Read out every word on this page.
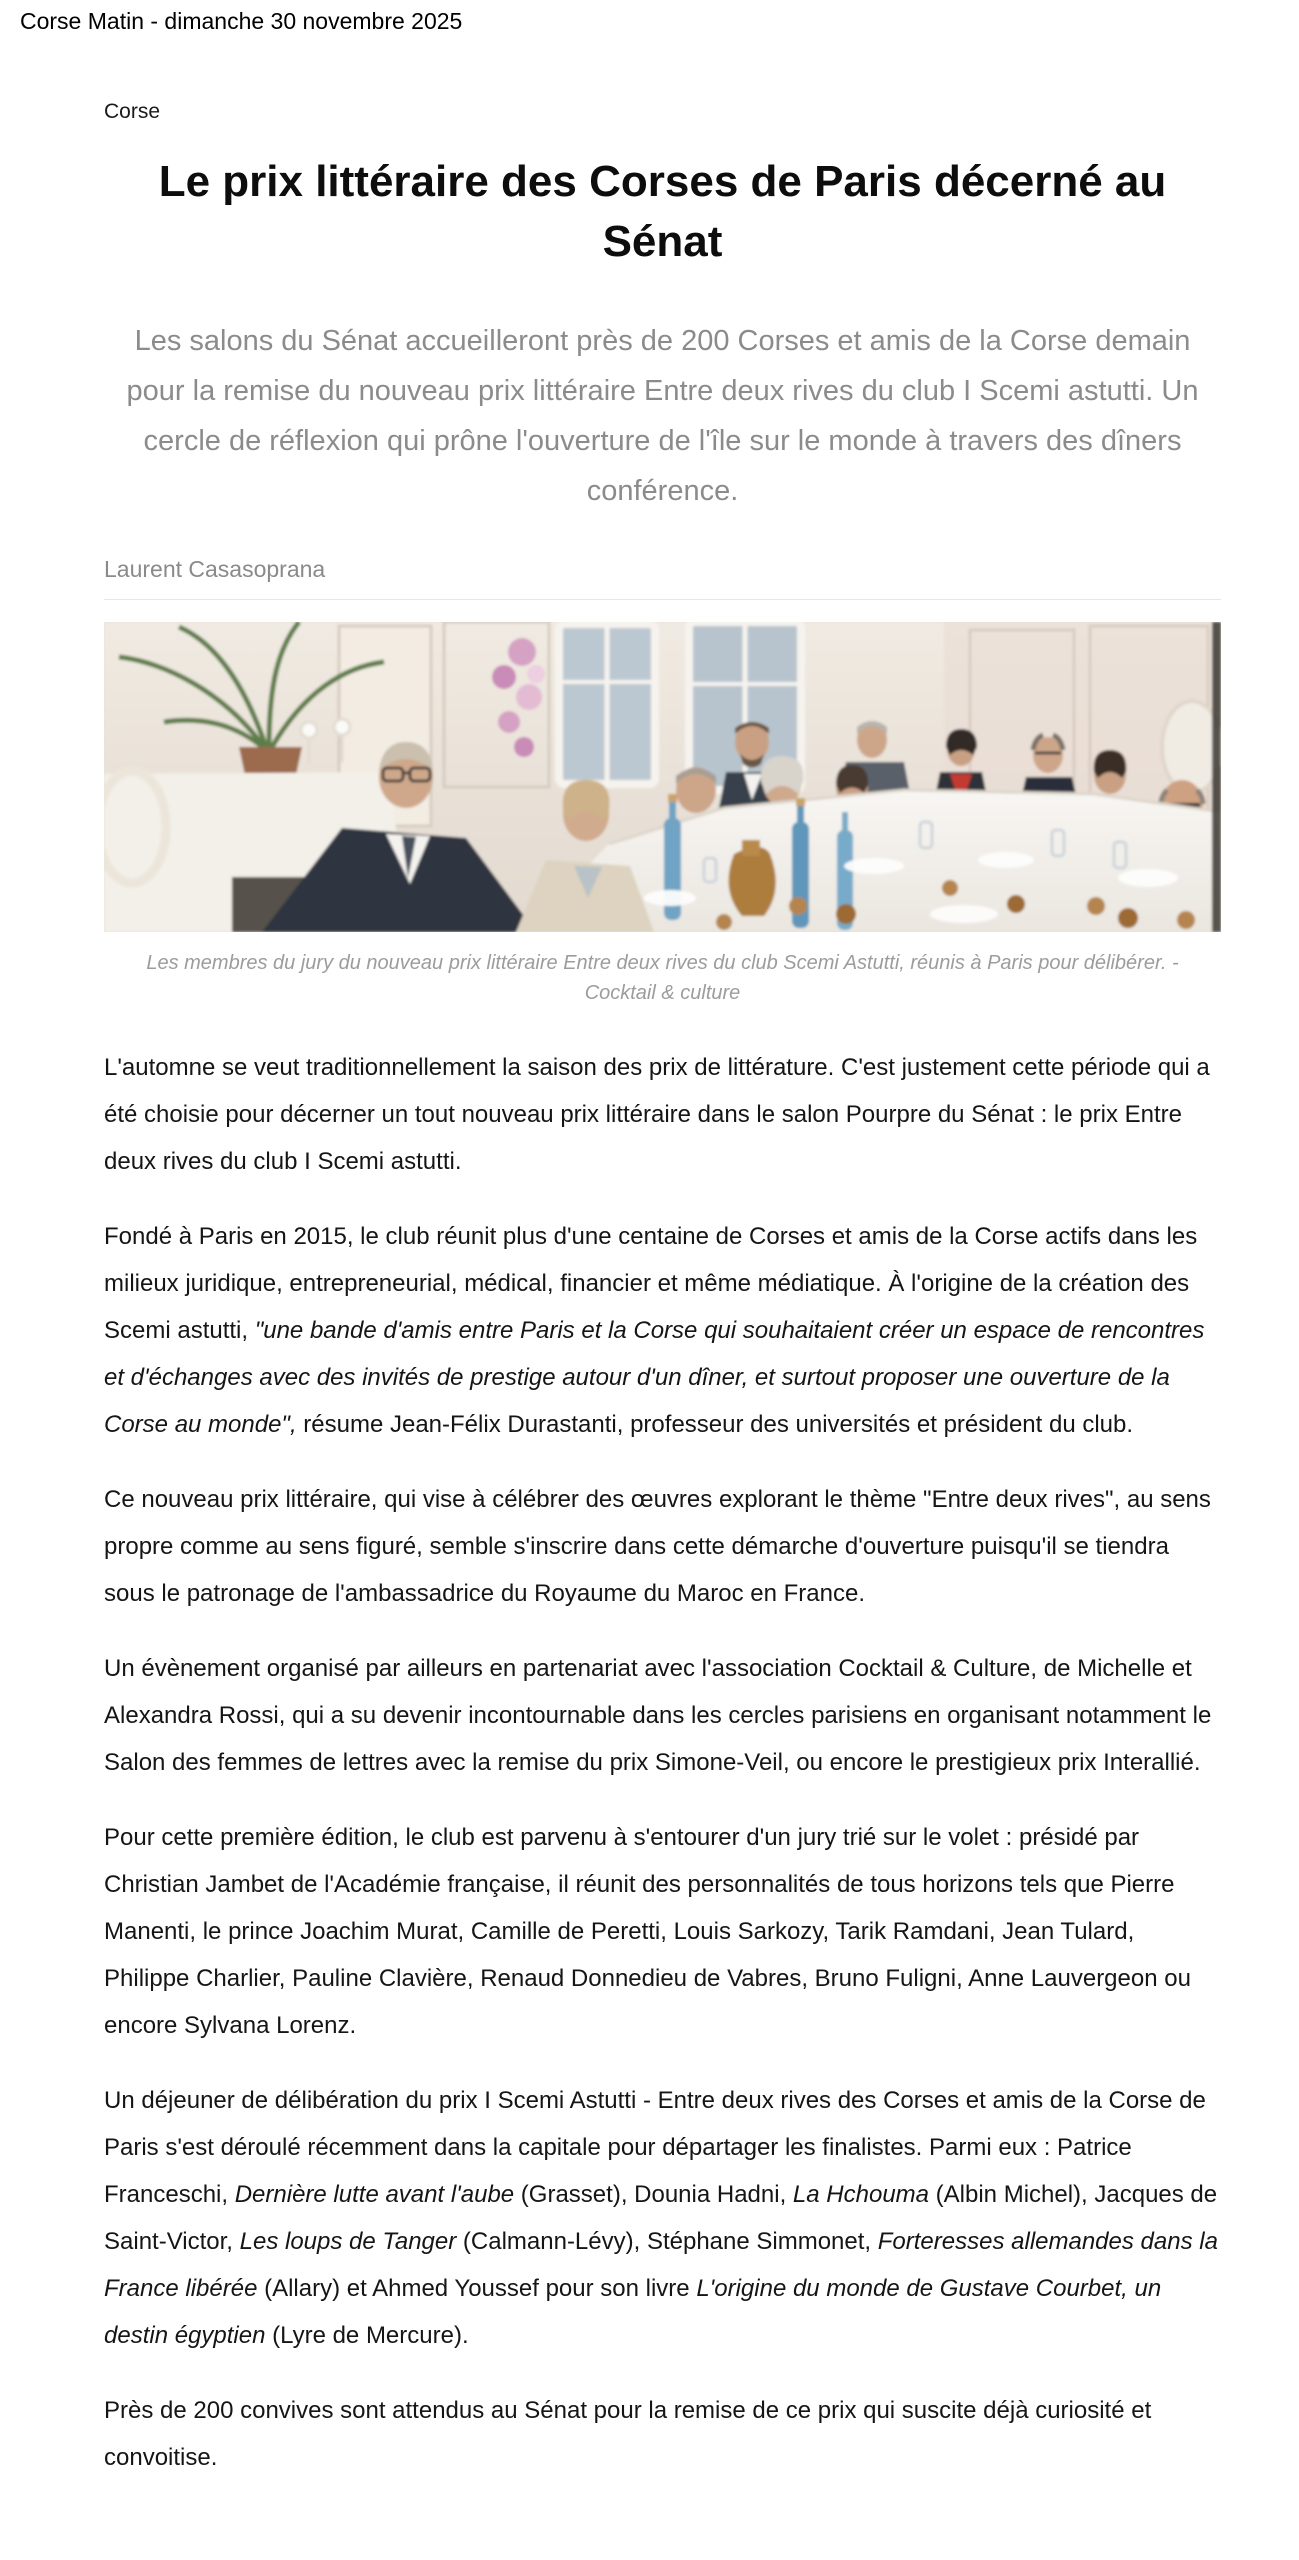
Corse Matin - dimanche 30 novembre 2025
Corse
Le prix littéraire des Corses de Paris décerné au Sénat
Les salons du Sénat accueilleront près de 200 Corses et amis de la Corse demain pour la remise du nouveau prix littéraire Entre deux rives du club I Scemi astutti. Un cercle de réflexion qui prône l'ouverture de l'île sur le monde à travers des dîners conférence.
Laurent Casasoprana
Les membres du jury du nouveau prix littéraire Entre deux rives du club Scemi Astutti, réunis à Paris pour délibérer. - Cocktail & culture

L'automne se veut traditionnellement la saison des prix de littérature. C'est justement cette période qui a été choisie pour décerner un tout nouveau prix littéraire dans le salon Pourpre du Sénat : le prix Entre deux rives du club I Scemi astutti.

Fondé à Paris en 2015, le club réunit plus d'une centaine de Corses et amis de la Corse actifs dans les milieux juridique, entrepreneurial, médical, financier et même médiatique. À l'origine de la création des Scemi astutti, "une bande d'amis entre Paris et la Corse qui souhaitaient créer un espace de rencontres et d'échanges avec des invités de prestige autour d'un dîner, et surtout proposer une ouverture de la Corse au monde", résume Jean-Félix Durastanti, professeur des universités et président du club.

Ce nouveau prix littéraire, qui vise à célébrer des œuvres explorant le thème "Entre deux rives", au sens propre comme au sens figuré, semble s'inscrire dans cette démarche d'ouverture puisqu'il se tiendra sous le patronage de l'ambassadrice du Royaume du Maroc en France.

Un évènement organisé par ailleurs en partenariat avec l'association Cocktail & Culture, de Michelle et Alexandra Rossi, qui a su devenir incontournable dans les cercles parisiens en organisant notamment le Salon des femmes de lettres avec la remise du prix Simone-Veil, ou encore le prestigieux prix Interallié.

Pour cette première édition, le club est parvenu à s'entourer d'un jury trié sur le volet : présidé par Christian Jambet de l'Académie française, il réunit des personnalités de tous horizons tels que Pierre Manenti, le prince Joachim Murat, Camille de Peretti, Louis Sarkozy, Tarik Ramdani, Jean Tulard, Philippe Charlier, Pauline Clavière, Renaud Donnedieu de Vabres, Bruno Fuligni, Anne Lauvergeon ou encore Sylvana Lorenz.

Un déjeuner de délibération du prix I Scemi Astutti - Entre deux rives des Corses et amis de la Corse de Paris s'est déroulé récemment dans la capitale pour départager les finalistes. Parmi eux : Patrice Franceschi, Dernière lutte avant l'aube (Grasset), Dounia Hadni, La Hchouma (Albin Michel), Jacques de Saint-Victor, Les loups de Tanger (Calmann-Lévy), Stéphane Simmonet, Forteresses allemandes dans la France libérée (Allary) et Ahmed Youssef pour son livre L'origine du monde de Gustave Courbet, un destin égyptien (Lyre de Mercure).

Près de 200 convives sont attendus au Sénat pour la remise de ce prix qui suscite déjà curiosité et convoitise.
